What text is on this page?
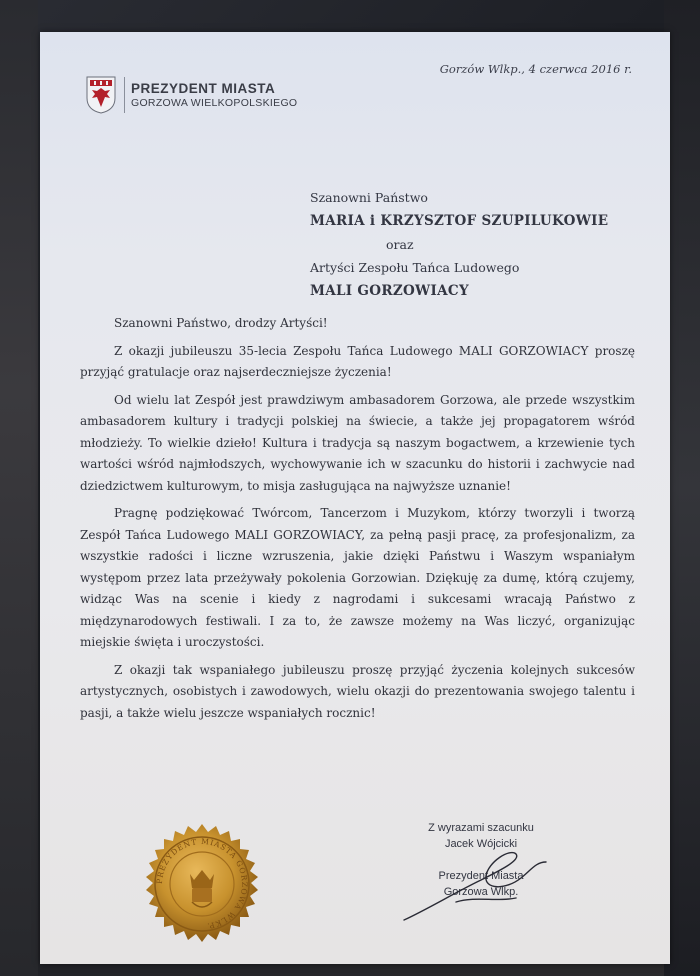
PREZYDENT MIASTA
GORZOWA WIELKOPOLSKIEGO
Gorzów Wlkp., 4 czerwca 2016 r.
Szanowni Państwo
MARIA i KRZYSZTOF SZUPILUKOWIE
oraz
Artyści Zespołu Tańca Ludowego
MALI GORZOWIACY

Szanowni Państwo, drodzy Artyści!

Z okazji jubileuszu 35-lecia Zespołu Tańca Ludowego MALI GORZOWIACY proszę przyjąć gratulacje oraz najserdeczniejsze życzenia!

Od wielu lat Zespół jest prawdziwym ambasadorem Gorzowa, ale przede wszystkim ambasadorem kultury i tradycji polskiej na świecie, a także jej propagatorem wśród młodzieży. To wielkie dzieło! Kultura i tradycja są naszym bogactwem, a krzewienie tych wartości wśród najmłodszych, wychowywanie ich w szacunku do historii i zachwycie nad dziedzictwem kulturowym, to misja zasługująca na najwyższe uznanie!

Pragnę podziękować Twórcom, Tancerzom i Muzykom, którzy tworzyli i tworzą Zespół Tańca Ludowego MALI GORZOWIACY, za pełną pasji pracę, za profesjonalizm, za wszystkie radości i liczne wzruszenia, jakie dzięki Państwu i Waszym wspaniałym występom przez lata przeżywały pokolenia Gorzowian. Dziękuję za dumę, którą czujemy, widząc Was na scenie i kiedy z nagrodami i sukcesami wracają Państwo z międzynarodowych festiwali. I za to, że zawsze możemy na Was liczyć, organizując miejskie święta i uroczystości.

Z okazji tak wspaniałego jubileuszu proszę przyjąć życzenia kolejnych sukcesów artystycznych, osobistych i zawodowych, wielu okazji do prezentowania swojego talentu i pasji, a także wielu jeszcze wspaniałych rocznic!

PREZYDENT MIASTA GORZOWA WLKP.
Z wyrazami szacunku
Jacek Wójcicki
Prezydent Miasta
Gorzowa Wlkp.
